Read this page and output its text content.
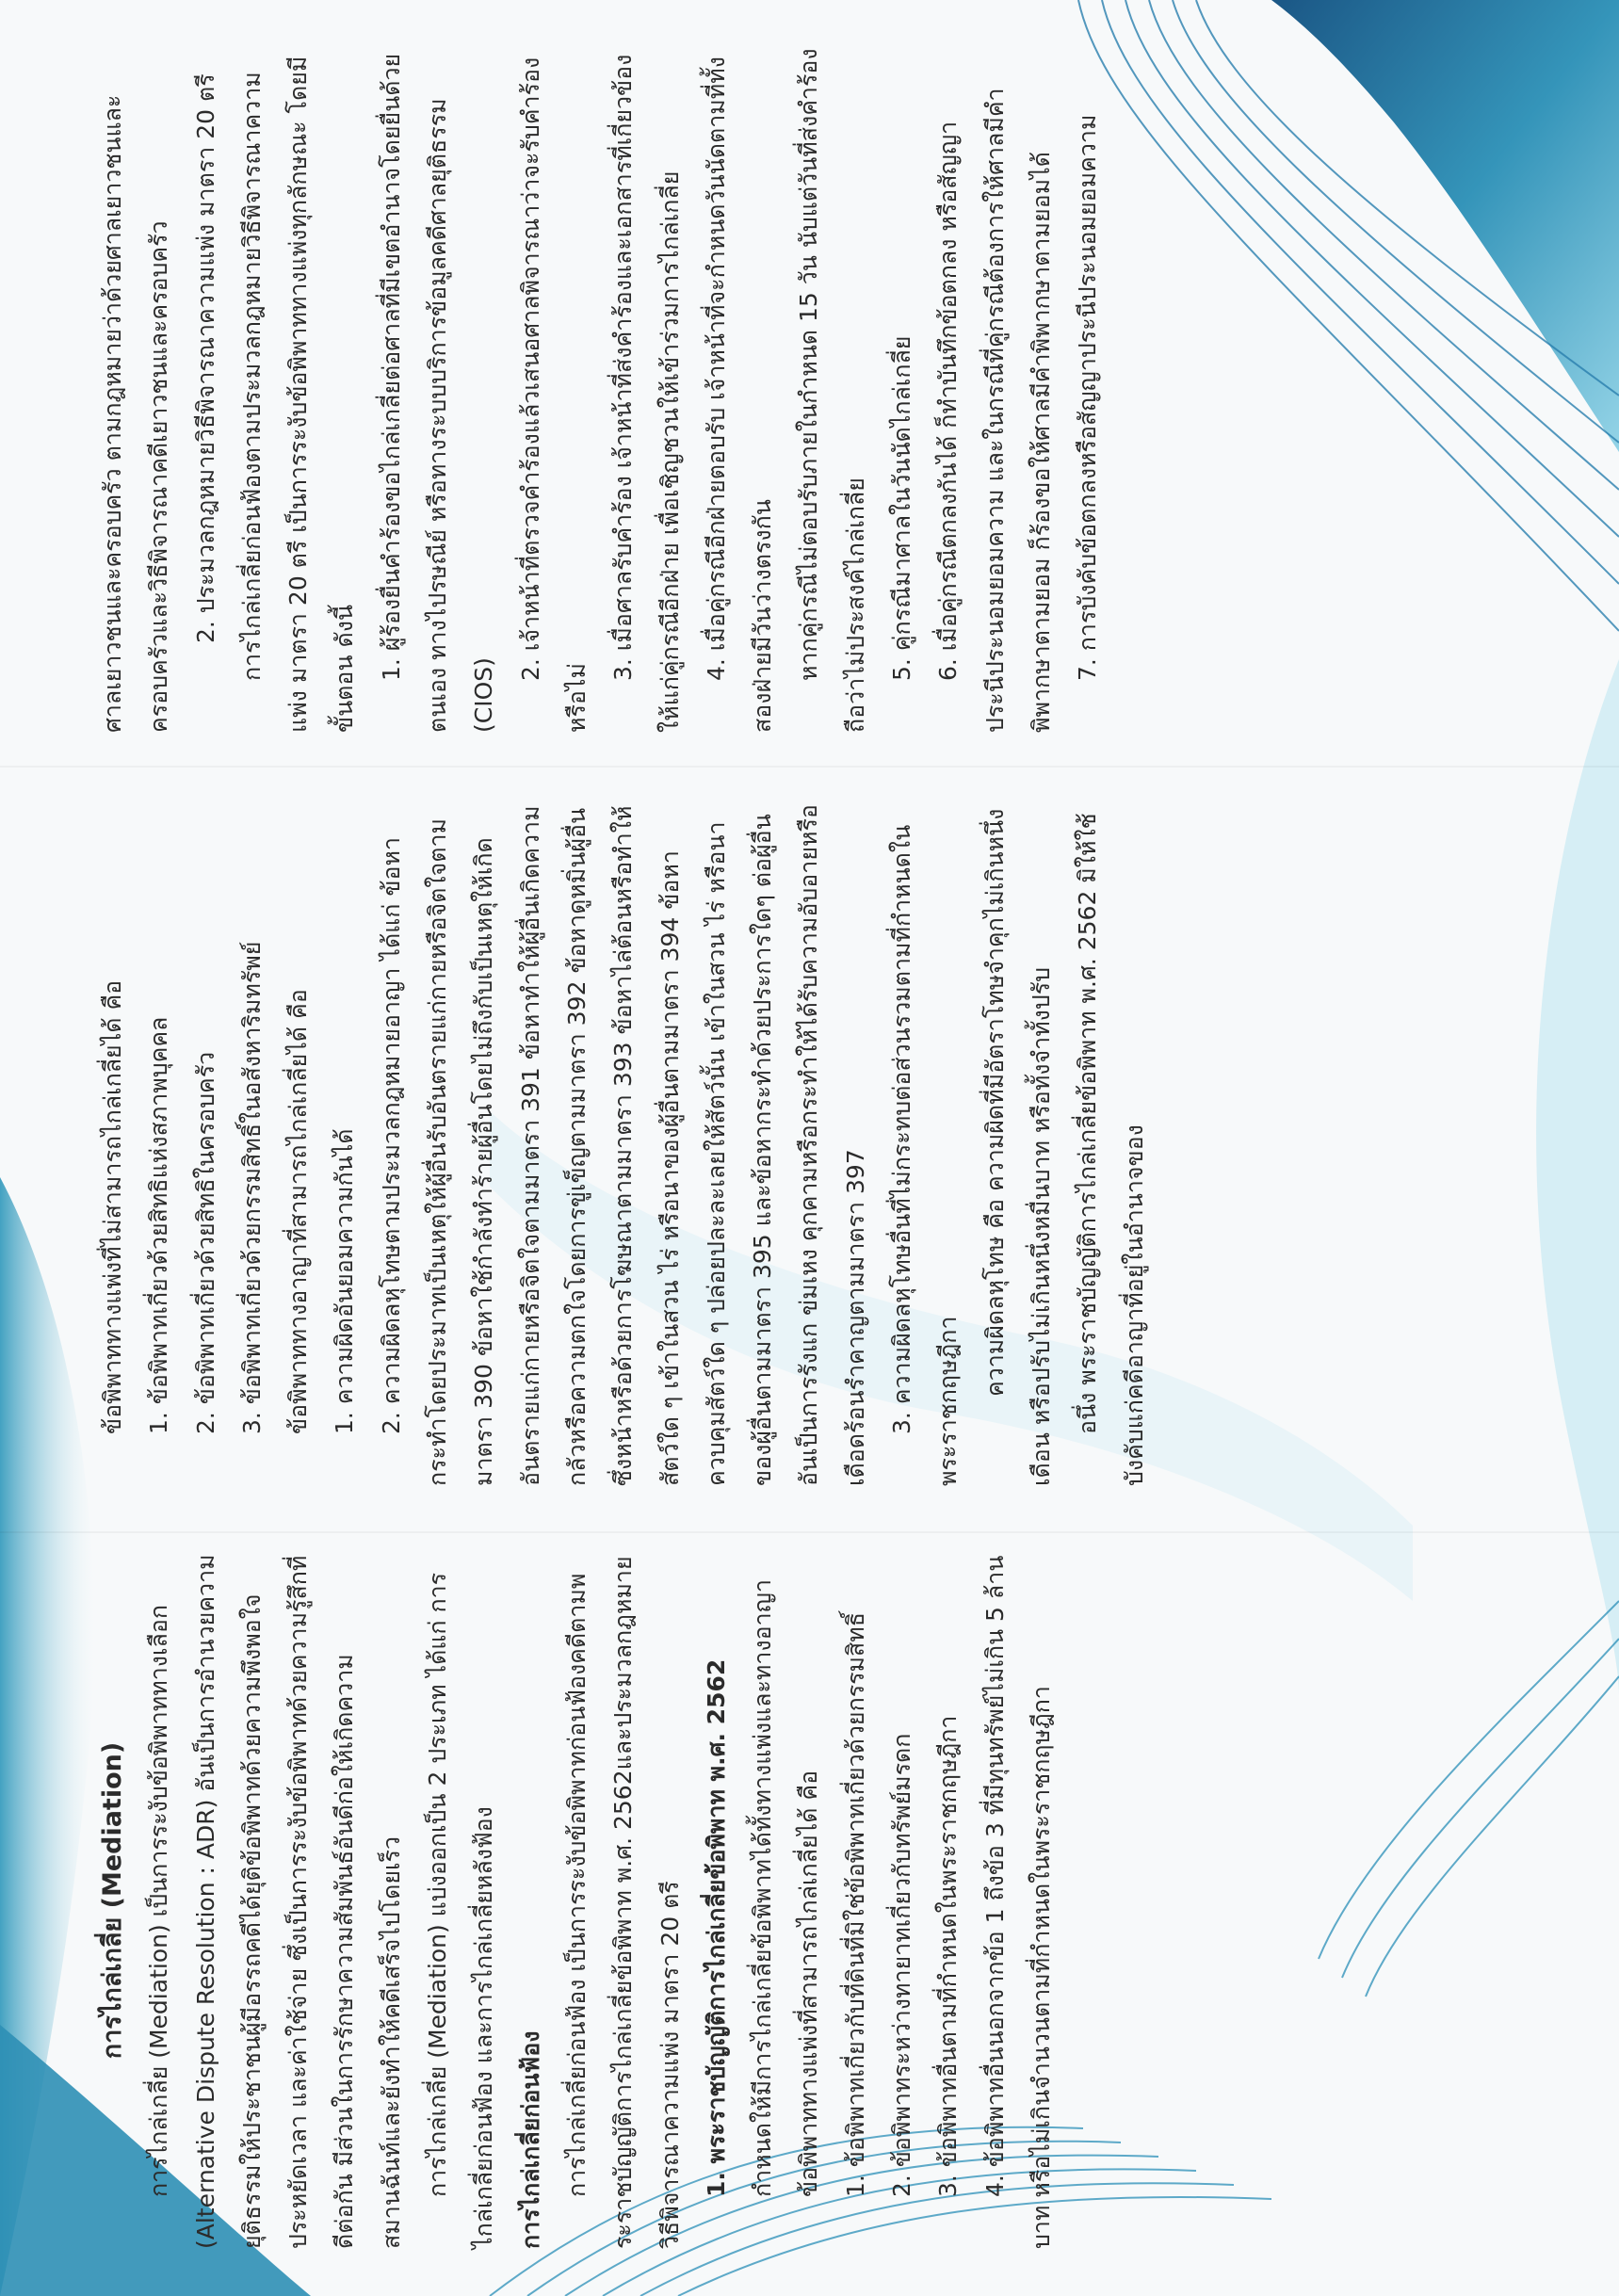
การไกล่เกลี่ย (Mediation) การไกล่เกลี่ย (Mediation) เป็นการระงับข้อพิพาททางเลือก (Alternative Dispute Resolution : ADR) อันเป็นการอำนวยความยุติธรรมให้ประชาชนผู้มีอรรถคดีได้ยุติข้อพิพาทด้วยความพึงพอใจ ประหยัดเวลา และค่าใช้จ่าย ซึ่งเป็นการระงับข้อพิพาทด้วยความรู้สึกที่ดีต่อกัน มีส่วนในการรักษาความสัมพันธ์อันดีก่อให้เกิดความสมานฉันท์และยังทำให้คดีเสร็จไปโดยเร็ว การไกล่เกลี่ย (Mediation) แบ่งออกเป็น 2 ประเภท ได้แก่ การไกล่เกลี่ยก่อนฟ้อง และการไกล่เกลี่ยหลังฟ้อง การไกล่เกลี่ยก่อนฟ้อง การไกล่เกลี่ยก่อนฟ้อง เป็นการระงับข้อพิพาทก่อนฟ้องคดีตามพระราชบัญญัติการไกล่เกลี่ยข้อพิพาท พ.ศ. 2562และประมวลกฎหมายวิธีพิจารณาความแพ่ง มาตรา 20 ตรี 1. พระราชบัญญัติการไกล่เกลี่ยข้อพิพาท พ.ศ. 2562 กำหนดให้มีการไกล่เกลี่ยข้อพิพาทได้ทั้งทางแพ่งและทางอาญา ข้อพิพาททางแพ่งที่สามารถไกล่เกลี่ยได้ คือ 1. ข้อพิพาทเกี่ยวกับที่ดินที่มิใช่ข้อพิพาทเกี่ยวด้วยกรรมสิทธิ์ 2. ข้อพิพาทระหว่างทายาทเกี่ยวกับทรัพย์มรดก 3. ข้อพิพาทอื่นตามที่กำหนดในพระราชกฤษฎีกา 4. ข้อพิพาทอื่นนอกจากข้อ 1 ถึงข้อ 3 ที่มีทุนทรัพย์ไม่เกิน 5 ล้านบาท หรือไม่เกินจำนวนตามที่กำหนดในพระราชกฤษฎีกา

ข้อพิพาททางแพ่งที่ไม่สามารถไกล่เกลี่ยได้ คือ 1. ข้อพิพาทเกี่ยวด้วยสิทธิแห่งสภาพบุคคล 2. ข้อพิพาทเกี่ยวด้วยสิทธิในครอบครัว 3. ข้อพิพาทเกี่ยวด้วยกรรมสิทธิ์ในอสังหาริมทรัพย์ ข้อพิพาททางอาญาที่สามารถไกล่เกลี่ยได้ คือ 1. ความผิดอันยอมความกันได้ 2. ความผิดลหุโทษตามประมวลกฎหมายอาญา ได้แก่ ข้อหากระทำโดยประมาทเป็นเหตุให้ผู้อื่นรับอันตรายแก่กายหรือจิตใจตามมาตรา 390 ข้อหาใช้กำลังทำร้ายผู้อื่นโดยไม่ถึงกับเป็นเหตุให้เกิดอันตรายแก่กายหรือจิตใจตามมาตรา 391 ข้อหาทำให้ผู้อื่นเกิดความกลัวหรือความตกใจโดยการขู่เข็ญตามมาตรา 392 ข้อหาดูหมิ่นผู้อื่นซึ่งหน้าหรือด้วยการโฆษณาตามมาตรา 393 ข้อหาไล่ต้อนหรือทำให้สัตว์ใด ๆ เข้าในสวน ไร่ หรือนาของผู้อื่นตามมาตรา 394 ข้อหาควบคุมสัตว์ใด ๆ ปล่อยปละละเลยให้สัตว์นั้น เข้าในสวน ไร่ หรือนาของผู้อื่นตามมาตรา 395 และข้อหากระทำด้วยประการใดๆ ต่อผู้อื่น อันเป็นการรังแก ข่มเหง คุกคามหรือกระทำให้ได้รับความอับอายหรือเดือดร้อนรำคาญตามมาตรา 397 3. ความผิดลหุโทษอื่นที่ไม่กระทบต่อส่วนรวมตามที่กำหนดในพระราชกฤษฎีกา

ความผิดลหุโทษ คือ ความผิดที่มีอัตราโทษจำคุกไม่เกินหนึ่งเดือน หรือปรับไม่เกินหนึ่งหมื่นบาท หรือทั้งจำทั้งปรับ อนึ่ง พระราชบัญญัติการไกล่เกลี่ยข้อพิพาท พ.ศ. 2562 มิให้ใช้บังคับแก่คดีอาญาที่อยู่ในอำนาจของ

ศาลเยาวชนและครอบครัว ตามกฎหมายว่าด้วยศาลเยาวชนและครอบครัวและวิธีพิจารณาคดีเยาวชนและครอบครัว 2. ประมวลกฎหมายวิธีพิจารณาความแพ่ง มาตรา 20 ตรี การไกล่เกลี่ยก่อนฟ้องตามประมวลกฎหมายวิธีพิจารณาความแพ่ง มาตรา 20 ตรี เป็นการระงับข้อพิพาททางแพ่งทุกลักษณะ โดยมีขั้นตอน ดังนี้ 1. ผู้ร้องยื่นคำร้องขอไกล่เกลี่ยต่อศาลที่มีเขตอำนาจโดยยื่นด้วยตนเอง ทางไปรษณีย์ หรือทางระบบบริการข้อมูลคดีศาลยุติธรรม (CIOS)

2. เจ้าหน้าที่ตรวจคำร้องแล้วเสนอศาลพิจารณาว่าจะรับคำร้องหรือไม่

3. เมื่อศาลรับคำร้อง เจ้าหน้าที่ส่งคำร้องและเอกสารที่เกี่ยวข้องให้แก่คู่กรณีอีกฝ่าย เพื่อเชิญชวนให้เข้าร่วมการไกล่เกลี่ย 4. เมื่อคู่กรณีอีกฝ่ายตอบรับ เจ้าหน้าที่จะกำหนดวันนัดตามที่ทั้งสองฝ่ายมีวันว่างตรงกัน หากคู่กรณีไม่ตอบรับภายในกำหนด 15 วัน นับแต่วันที่ส่งคำร้องถือว่าไม่ประสงค์ไกล่เกลี่ย 5. คู่กรณีมาศาลในวันนัดไกล่เกลี่ย 6. เมื่อคู่กรณีตกลงกันได้ ก็ทำบันทึกข้อตกลง หรือสัญญาประนีประนอมยอมความ และในกรณีที่คู่กรณีต้องการให้ศาลมีคำพิพากษาตามยอม ก็ร้องขอให้ศาลมีคำพิพากษาตามยอมได้ 7. การบังคับข้อตกลงหรือสัญญาประนีประนอมยอมความ
